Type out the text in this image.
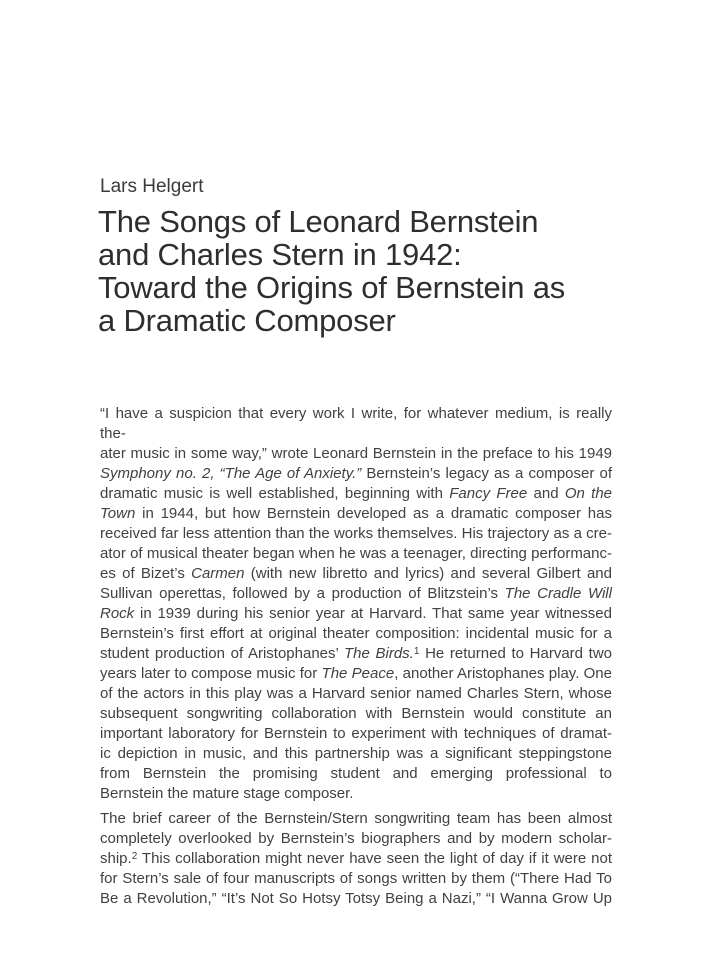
Lars Helgert
The Songs of Leonard Bernstein
and Charles Stern in 1942:
Toward the Origins of Bernstein as
a Dramatic Composer
“I have a suspicion that every work I write, for whatever medium, is really the-
ater music in some way,” wrote Leonard Bernstein in the preface to his 1949
Symphony no. 2, “The Age of Anxiety.” Bernstein’s legacy as a composer of
dramatic music is well established, beginning with Fancy Free and On the
Town in 1944, but how Bernstein developed as a dramatic composer has
received far less attention than the works themselves. His trajectory as a cre-
ator of musical theater began when he was a teenager, directing performanc-
es of Bizet’s Carmen (with new libretto and lyrics) and several Gilbert and
Sullivan operettas, followed by a production of Blitzstein’s The Cradle Will
Rock in 1939 during his senior year at Harvard. That same year witnessed
Bernstein’s first effort at original theater composition: incidental music for a
student production of Aristophanes’ The Birds.$^1$ He returned to Harvard two
years later to compose music for The Peace, another Aristophanes play. One
of the actors in this play was a Harvard senior named Charles Stern, whose
subsequent songwriting collaboration with Bernstein would constitute an
important laboratory for Bernstein to experiment with techniques of dramat-
ic depiction in music, and this partnership was a significant steppingstone
from Bernstein the promising student and emerging professional to
Bernstein the mature stage composer.
The brief career of the Bernstein/Stern songwriting team has been almost
completely overlooked by Bernstein’s biographers and by modern scholar-
ship.$^2$ This collaboration might never have seen the light of day if it were not
for Stern’s sale of four manuscripts of songs written by them (“There Had To
Be a Revolution,” “It’s Not So Hotsy Totsy Being a Nazi,” “I Wanna Grow Up
